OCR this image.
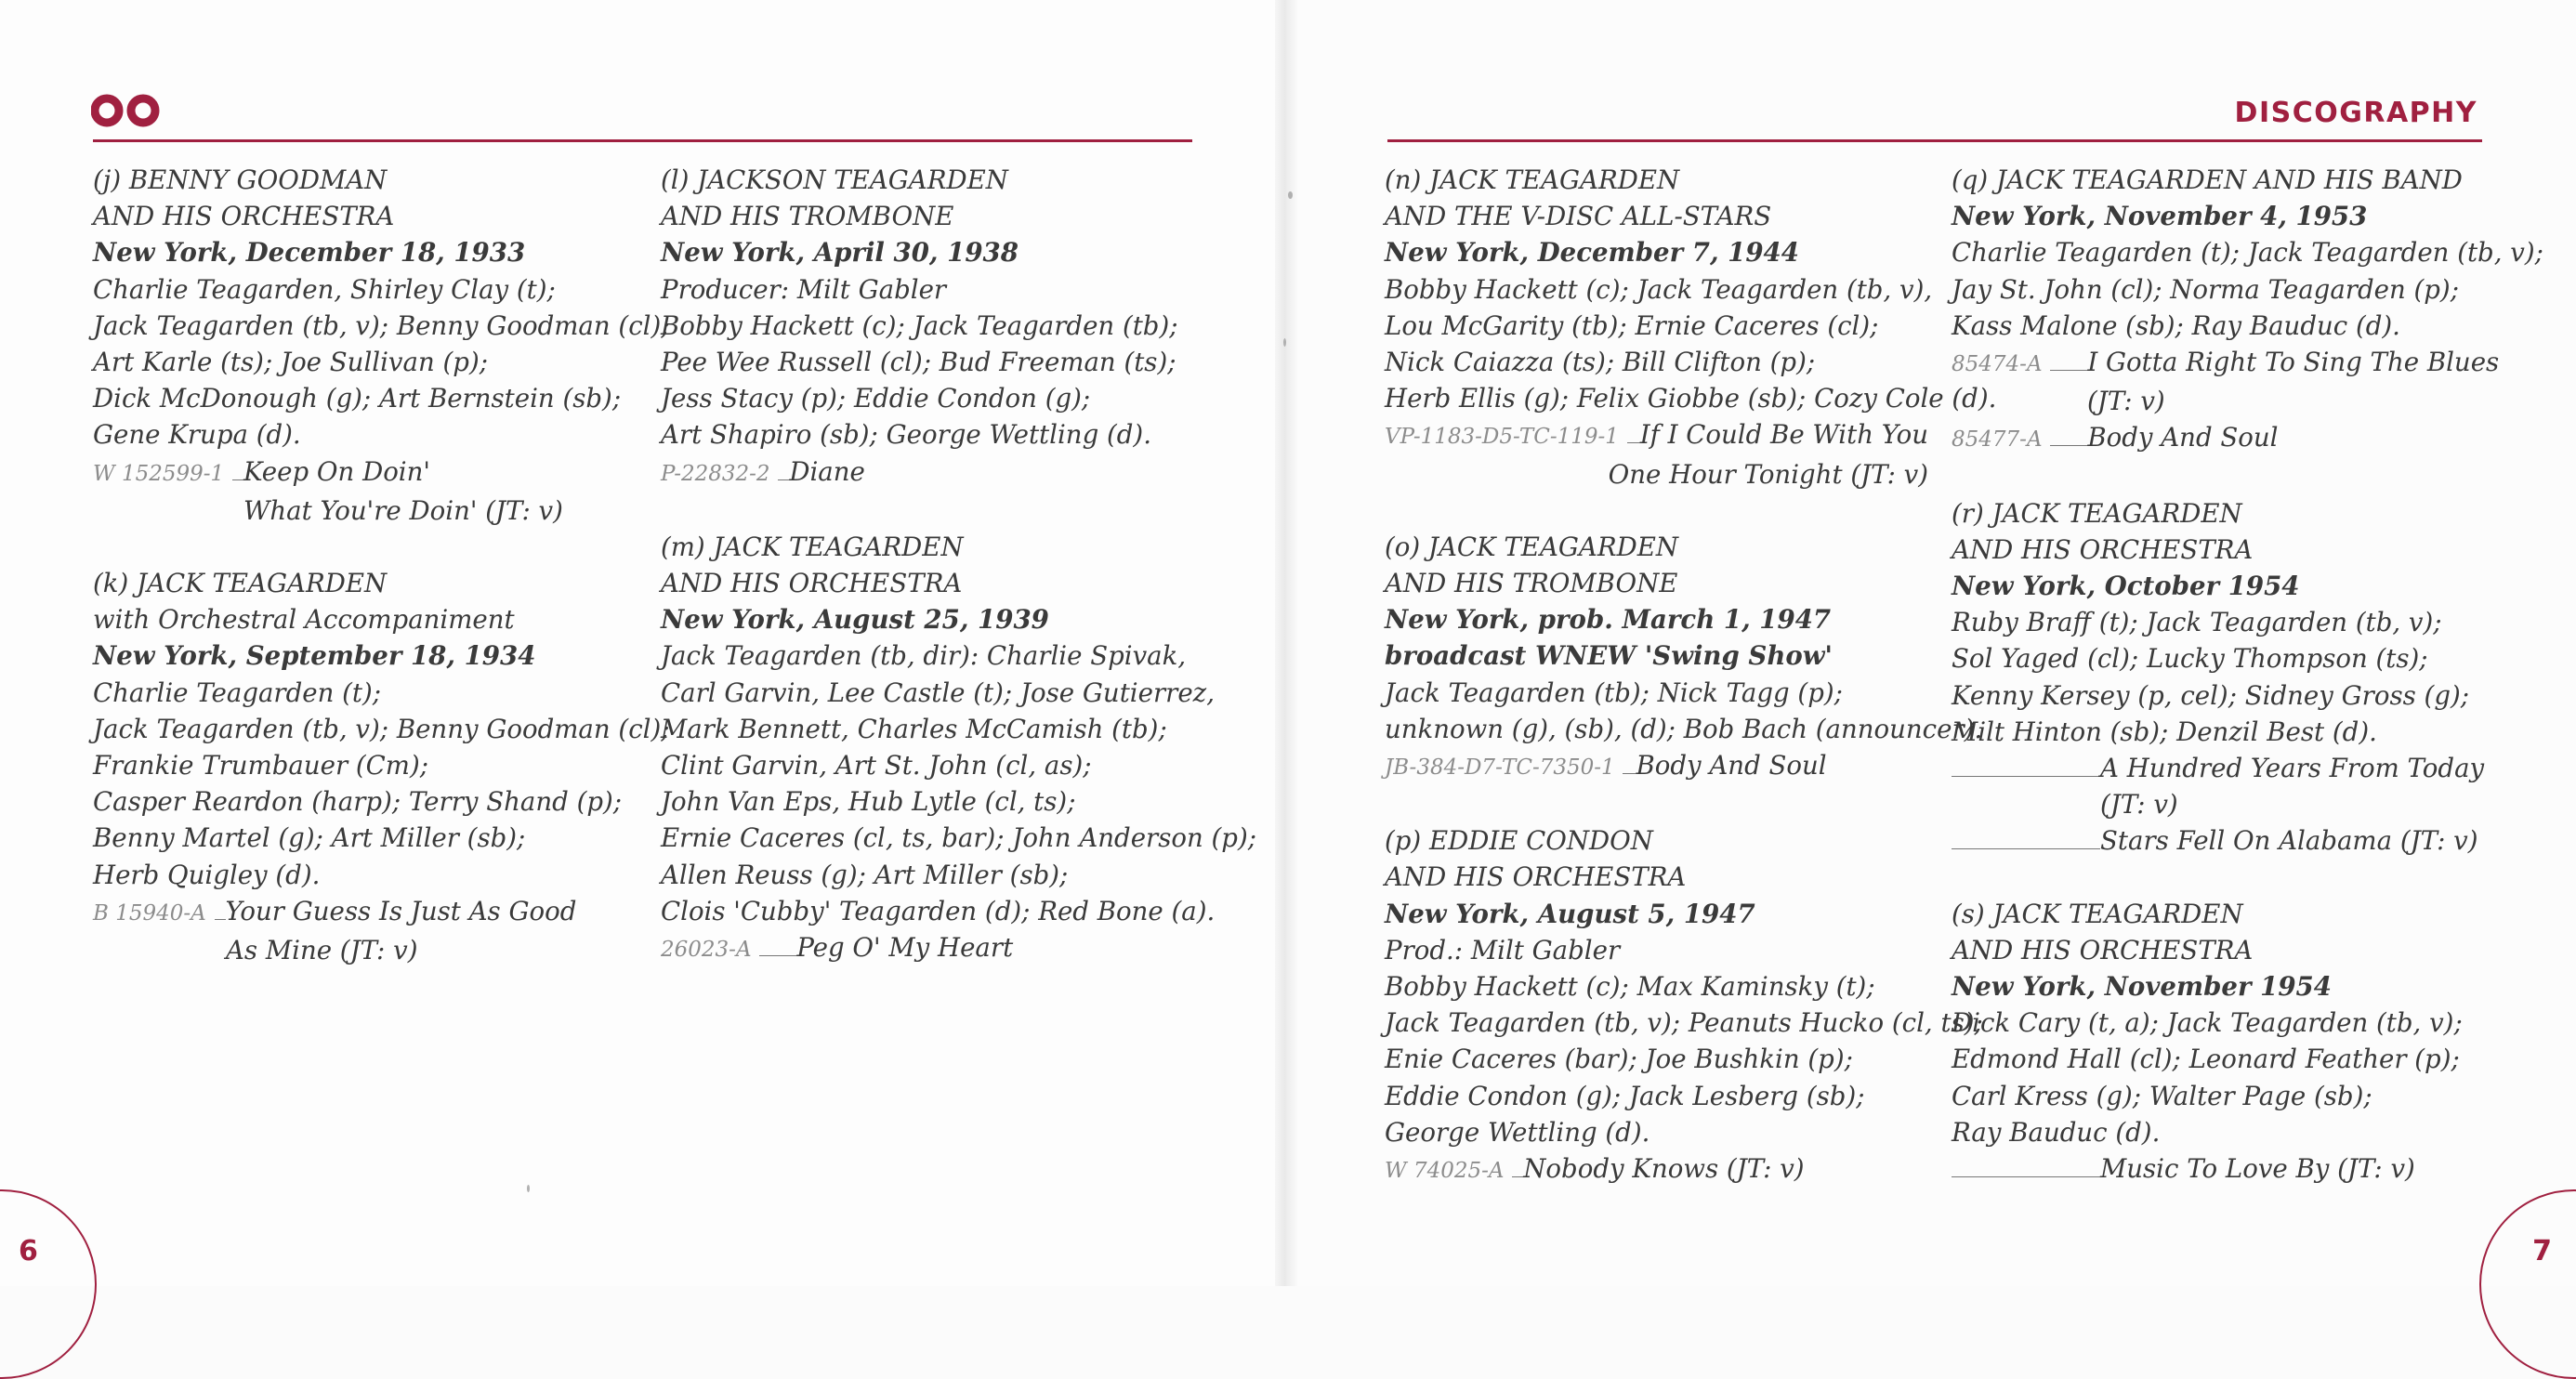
DISCOGRAPHY
(j) BENNY GOODMAN
AND HIS ORCHESTRA
New York, December 18, 1933
Charlie Teagarden, Shirley Clay (t);
Jack Teagarden (tb, v); Benny Goodman (cl);
Art Karle (ts); Joe Sullivan (p);
Dick McDonough (g); Art Bernstein (sb);
Gene Krupa (d).
W 152599-1 Keep On Doin'
What You're Doin' (JT: v)
(k) JACK TEAGARDEN
with Orchestral Accompaniment
New York, September 18, 1934
Charlie Teagarden (t);
Jack Teagarden (tb, v); Benny Goodman (cl);
Frankie Trumbauer (Cm);
Casper Reardon (harp); Terry Shand (p);
Benny Martel (g); Art Miller (sb);
Herb Quigley (d).
B 15940-A Your Guess Is Just As Good
As Mine (JT: v)
(l) JACKSON TEAGARDEN
AND HIS TROMBONE
New York, April 30, 1938
Producer: Milt Gabler
Bobby Hackett (c); Jack Teagarden (tb);
Pee Wee Russell (cl); Bud Freeman (ts);
Jess Stacy (p); Eddie Condon (g);
Art Shapiro (sb); George Wettling (d).
P-22832-2 Diane
(m) JACK TEAGARDEN
AND HIS ORCHESTRA
New York, August 25, 1939
Jack Teagarden (tb, dir): Charlie Spivak,
Carl Garvin, Lee Castle (t); Jose Gutierrez,
Mark Bennett, Charles McCamish (tb);
Clint Garvin, Art St. John (cl, as);
John Van Eps, Hub Lytle (cl, ts);
Ernie Caceres (cl, ts, bar); John Anderson (p);
Allen Reuss (g); Art Miller (sb);
Clois 'Cubby' Teagarden (d); Red Bone (a).
26023-A Peg O' My Heart
(n) JACK TEAGARDEN
AND THE V-DISC ALL-STARS
New York, December 7, 1944
Bobby Hackett (c); Jack Teagarden (tb, v),
Lou McGarity (tb); Ernie Caceres (cl);
Nick Caiazza (ts); Bill Clifton (p);
Herb Ellis (g); Felix Giobbe (sb); Cozy Cole (d).
VP-1183-D5-TC-119-1 If I Could Be With You
One Hour Tonight (JT: v)
(o) JACK TEAGARDEN
AND HIS TROMBONE
New York, prob. March 1, 1947
broadcast WNEW 'Swing Show'
Jack Teagarden (tb); Nick Tagg (p);
unknown (g), (sb), (d); Bob Bach (announcer).
JB-384-D7-TC-7350-1 Body And Soul
(p) EDDIE CONDON
AND HIS ORCHESTRA
New York, August 5, 1947
Prod.: Milt Gabler
Bobby Hackett (c); Max Kaminsky (t);
Jack Teagarden (tb, v); Peanuts Hucko (cl, ts);
Enie Caceres (bar); Joe Bushkin (p);
Eddie Condon (g); Jack Lesberg (sb);
George Wettling (d).
W 74025-A Nobody Knows (JT: v)
(q) JACK TEAGARDEN AND HIS BAND
New York, November 4, 1953
Charlie Teagarden (t); Jack Teagarden (tb, v);
Jay St. John (cl); Norma Teagarden (p);
Kass Malone (sb); Ray Bauduc (d).
85474-A I Gotta Right To Sing The Blues
(JT: v)
85477-A Body And Soul
(r) JACK TEAGARDEN
AND HIS ORCHESTRA
New York, October 1954
Ruby Braff (t); Jack Teagarden (tb, v);
Sol Yaged (cl); Lucky Thompson (ts);
Kenny Kersey (p, cel); Sidney Gross (g);
Milt Hinton (sb); Denzil Best (d).
A Hundred Years From Today
(JT: v)
Stars Fell On Alabama (JT: v)
(s) JACK TEAGARDEN
AND HIS ORCHESTRA
New York, November 1954
Dick Cary (t, a); Jack Teagarden (tb, v);
Edmond Hall (cl); Leonard Feather (p);
Carl Kress (g); Walter Page (sb);
Ray Bauduc (d).
Music To Love By (JT: v)
6	7
